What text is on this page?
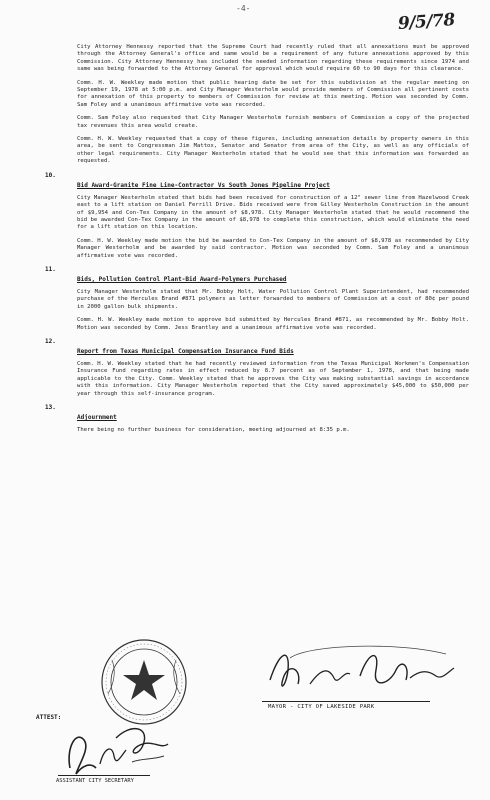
-4-
9/5/78

City Attorney Hennessy reported that the Supreme Court had recently ruled that all annexations must be approved through the Attorney General's office and same would be a requirement of any future annexations approved by this Commission. City Attorney Hennessy has included the needed information regarding these requirements since 1974 and same was being forwarded to the Attorney General for approval which would require 60 to 90 days for this clearance.

Comm. H. W. Weekley made motion that public hearing date be set for this subdivision at the regular meeting on September 19, 1978 at 5:00 p.m. and City Manager Westerholm would provide members of Commission all pertinent costs for annexation of this property to members of Commission for review at this meeting. Motion was seconded by Comm. Sam Foley and a unanimous affirmative vote was recorded.

Comm. Sam Foley also requested that City Manager Westerholm furnish members of Commission a copy of the projected tax revenues this area would create.

Comm. H. W. Weekley requested that a copy of these figures, including annexation details by property owners in this area, be sent to Congressman Jim Mattox, Senator and Senator from area of the City, as well as any officials of other legal requirements. City Manager Westerholm stated that he would see that this information was forwarded as requested.

10.
Bid Award-Granite Fine Line-Contractor Vs South Jones Pipeline Project

City Manager Westerholm stated that bids had been received for construction of a 12" sewer line from Hazelwood Creek east to a lift station on Daniel Ferrill Drive. Bids received were from Gilley Westerholm Construction in the amount of $9,954 and Con-Tex Company in the amount of $8,978. City Manager Westerholm stated that he would recommend the bid be awarded Con-Tex Company in the amount of $8,978 to complete this construction, which would eliminate the need for a lift station on this location.

Comm. H. W. Weekley made motion the bid be awarded to Con-Tex Company in the amount of $8,978 as recommended by City Manager Westerholm and be awarded by said contractor. Motion was seconded by Comm. Sam Foley and a unanimous affirmative vote was recorded.

11.
Bids, Pollution Control Plant-Bid Award-Polymers Purchased

City Manager Westerholm stated that Mr. Bobby Holt, Water Pollution Control Plant Superintendent, had recommended purchase of the Hercules Brand #871 polymers as letter forwarded to members of Commission at a cost of 80¢ per pound in 2000 gallon bulk shipments.

Comm. H. W. Weekley made motion to approve bid submitted by Hercules Brand #871, as recommended by Mr. Bobby Holt. Motion was seconded by Comm. Jess Brantley and a unanimous affirmative vote was recorded.

12.
Report from Texas Municipal Compensation Insurance Fund Bids

Comm. H. W. Weekley stated that he had recently reviewed information from the Texas Municipal Workmen's Compensation Insurance Fund regarding rates in effect reduced by 8.7 percent as of September 1, 1978, and that being made applicable to the City. Comm. Weekley stated that he approves the City was making substantial savings in accordance with this information. City Manager Westerholm reported that the City saved approximately $45,000 to $50,000 per year through this self-insurance program.

13.
Adjournment

There being no further business for consideration, meeting adjourned at 8:35 p.m.

ATTEST:
MAYOR - CITY OF LAKESIDE PARK
ASSISTANT CITY SECRETARY
